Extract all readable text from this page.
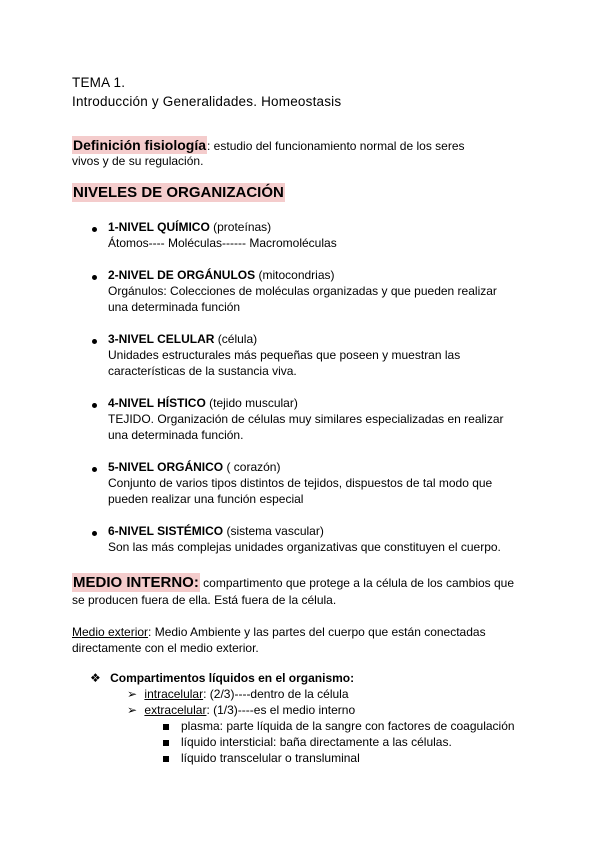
TEMA 1.
Introducción y Generalidades. Homeostasis
Definición fisiología: estudio del funcionamiento normal de los seres
vivos y de su regulación.
NIVELES DE ORGANIZACIÓN
1-NIVEL QUÍMICO (proteínas)
Átomos---- Moléculas------ Macromoléculas
2-NIVEL DE ORGÁNULOS (mitocondrias)
Orgánulos: Colecciones de moléculas organizadas y que pueden realizar
una determinada función
3-NIVEL CELULAR (célula)
Unidades estructurales más pequeñas que poseen y muestran las
características de la sustancia viva.
4-NIVEL HÍSTICO (tejido muscular)
TEJIDO. Organización de células muy similares especializadas en realizar
una determinada función.
5-NIVEL ORGÁNICO ( corazón)
Conjunto de varios tipos distintos de tejidos, dispuestos de tal modo que
pueden realizar una función especial
6-NIVEL SISTÉMICO (sistema vascular)
Son las más complejas unidades organizativas que constituyen el cuerpo.
MEDIO INTERNO: compartimento que protege a la célula de los cambios que
se producen fuera de ella. Está fuera de la célula.
Medio exterior: Medio Ambiente y las partes del cuerpo que están conectadas
directamente con el medio exterior.
❖ Compartimentos líquidos en el organismo:
➢ intracelular: (2/3)----dentro de la célula
➢ extracelular: (1/3)----es el medio interno
plasma: parte líquida de la sangre con factores de coagulación
líquido intersticial: baña directamente a las células.
líquido transcelular o transluminal
